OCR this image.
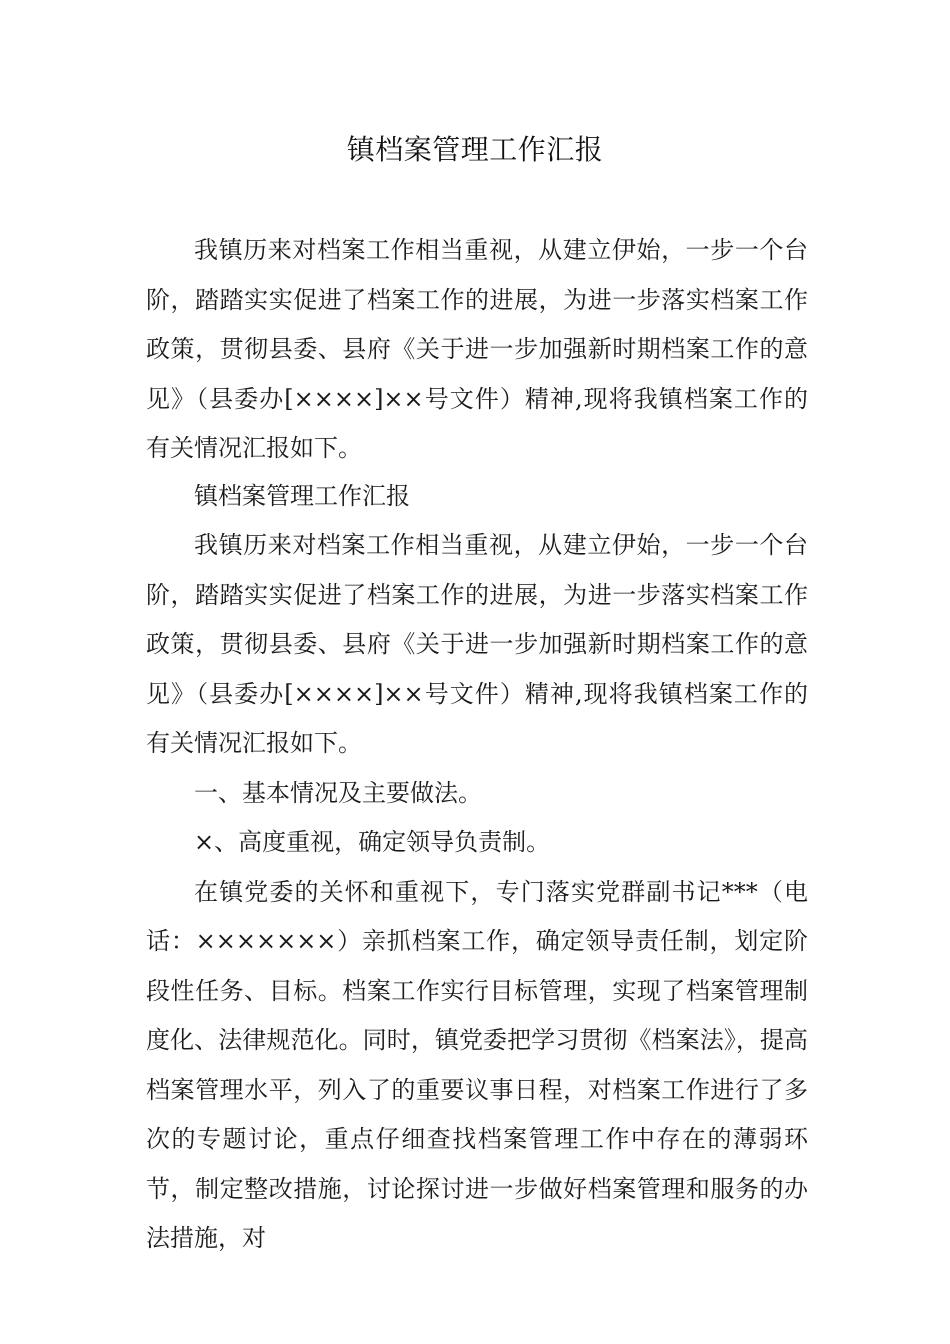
镇档案管理工作汇报

我镇历来对档案工作相当重视，从建立伊始，一步一个台阶，踏踏实实促进了档案工作的进展，为进一步落实档案工作政策，贯彻县委、县府《关于进一步加强新时期档案工作的意见》（县委办[××××]××号文件）精神,现将我镇档案工作的有关情况汇报如下。

镇档案管理工作汇报

我镇历来对档案工作相当重视，从建立伊始，一步一个台阶，踏踏实实促进了档案工作的进展，为进一步落实档案工作政策，贯彻县委、县府《关于进一步加强新时期档案工作的意见》（县委办[××××]××号文件）精神,现将我镇档案工作的有关情况汇报如下。

一、基本情况及主要做法。

×、高度重视，确定领导负责制。

在镇党委的关怀和重视下，专门落实党群副书记***（电话：×××××××）亲抓档案工作，确定领导责任制，划定阶段性任务、目标。档案工作实行目标管理，实现了档案管理制度化、法律规范化。同时，镇党委把学习贯彻《档案法》，提高档案管理水平，列入了的重要议事日程，对档案工作进行了多次的专题讨论，重点仔细查找档案管理工作中存在的薄弱环节，制定整改措施，讨论探讨进一步做好档案管理和服务的办法措施，对
